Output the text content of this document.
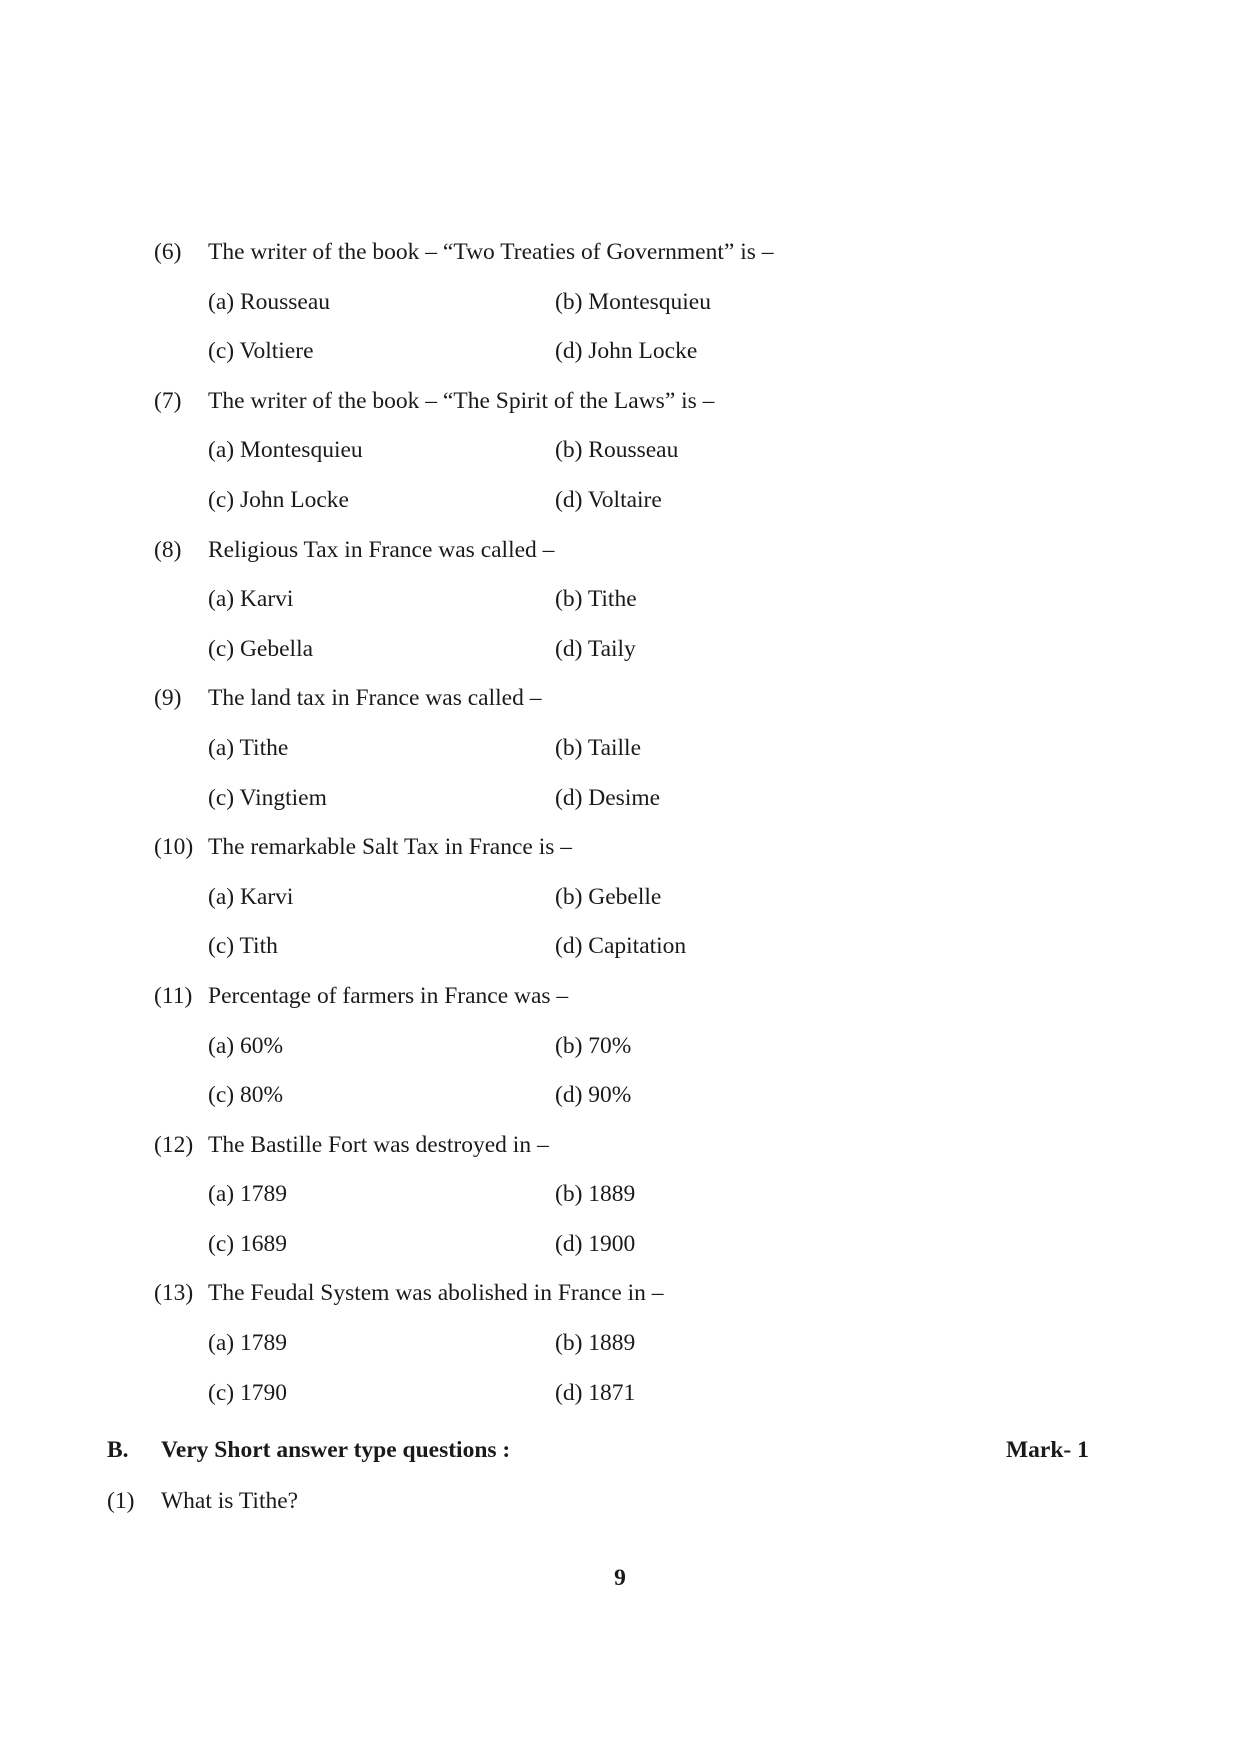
(6) The writer of the book – “Two Treaties of Government” is –
(a) Rousseau	(b) Montesquieu
(c) Voltiere	(d) John Locke
(7) The writer of the book – “The Spirit of the Laws” is –
(a) Montesquieu	(b) Rousseau
(c) John Locke	(d) Voltaire
(8) Religious Tax in France was called –
(a) Karvi	(b) Tithe
(c) Gebella	(d) Taily
(9) The land tax in France was called –
(a) Tithe	(b) Taille
(c) Vingtiem	(d) Desime
(10) The remarkable Salt Tax in France is –
(a) Karvi	(b) Gebelle
(c) Tith	(d) Capitation
(11) Percentage of farmers in France was –
(a) 60%	(b) 70%
(c) 80%	(d) 90%
(12) The Bastille Fort was destroyed in –
(a) 1789	(b) 1889
(c) 1689	(d) 1900
(13) The Feudal System was abolished in France in –
(a) 1789	(b) 1889
(c) 1790	(d) 1871
B. Very Short answer type questions :	Mark- 1
(1) What is Tithe?
9
